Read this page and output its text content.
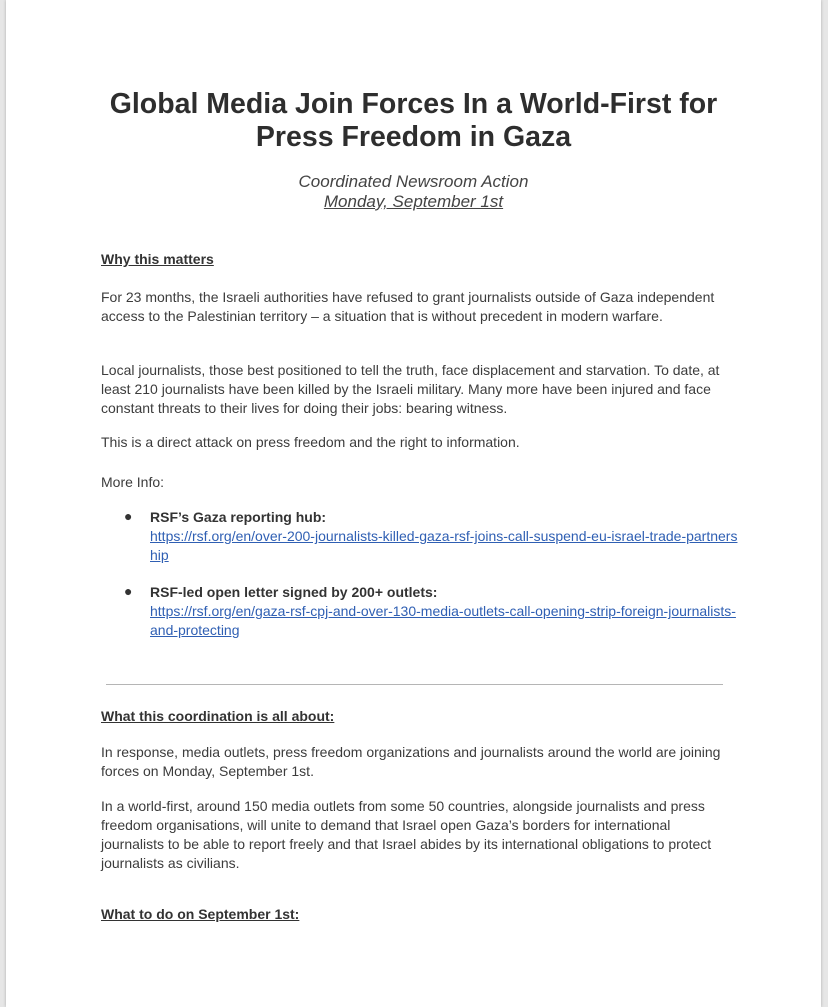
Global Media Join Forces In a World-First for
Press Freedom in Gaza
Coordinated Newsroom Action
Monday, September 1st
Why this matters

For 23 months, the Israeli authorities have refused to grant journalists outside of Gaza independent access to the Palestinian territory – a situation that is without precedent in modern warfare.

Local journalists, those best positioned to tell the truth, face displacement and starvation. To date, at least 210 journalists have been killed by the Israeli military. Many more have been injured and face constant threats to their lives for doing their jobs: bearing witness.

This is a direct attack on press freedom and the right to information.

More Info:

● RSF’s Gaza reporting hub:
https://rsf.org/en/over-200-journalists-killed-gaza-rsf-joins-call-suspend-eu-israel-trade-partnership
● RSF-led open letter signed by 200+ outlets:
https://rsf.org/en/gaza-rsf-cpj-and-over-130-media-outlets-call-opening-strip-foreign-journalists-and-protecting
What this coordination is all about:

In response, media outlets, press freedom organizations and journalists around the world are joining forces on Monday, September 1st.

In a world-first, around 150 media outlets from some 50 countries, alongside journalists and press freedom organisations, will unite to demand that Israel open Gaza’s borders for international journalists to be able to report freely and that Israel abides by its international obligations to protect journalists as civilians.

What to do on September 1st:
